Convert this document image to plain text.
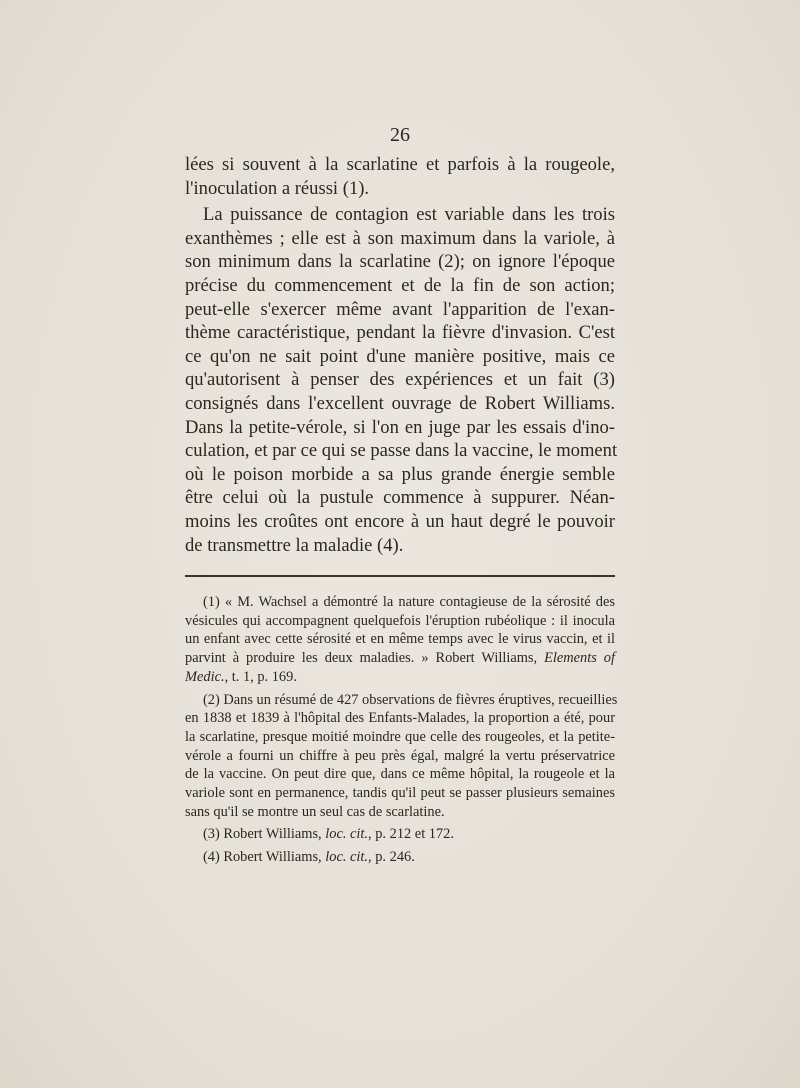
26
lées si souvent à la scarlatine et parfois à la rougeole,
l'inoculation a réussi (1).
La puissance de contagion est variable dans les trois
exanthèmes ; elle est à son maximum dans la variole, à
son minimum dans la scarlatine (2); on ignore l'époque
précise du commencement et de la fin de son action;
peut-elle s'exercer même avant l'apparition de l'exan-
thème caractéristique, pendant la fièvre d'invasion. C'est
ce qu'on ne sait point d'une manière positive, mais ce
qu'autorisent à penser des expériences et un fait (3)
consignés dans l'excellent ouvrage de Robert Williams.
Dans la petite-vérole, si l'on en juge par les essais d'ino-
culation, et par ce qui se passe dans la vaccine, le moment
où le poison morbide a sa plus grande énergie semble
être celui où la pustule commence à suppurer. Néan-
moins les croûtes ont encore à un haut degré le pouvoir
de transmettre la maladie (4).
(1) « M. Wachsel a démontré la nature contagieuse de la sérosité des
vésicules qui accompagnent quelquefois l'éruption rubéolique : il inocula
un enfant avec cette sérosité et en même temps avec le virus vaccin, et il
parvint à produire les deux maladies. » Robert Williams, Elements of
Medic., t. 1, p. 169.
(2) Dans un résumé de 427 observations de fièvres éruptives, recueillies
en 1838 et 1839 à l'hôpital des Enfants-Malades, la proportion a été, pour
la scarlatine, presque moitié moindre que celle des rougeoles, et la petite-
vérole a fourni un chiffre à peu près égal, malgré la vertu préservatrice
de la vaccine. On peut dire que, dans ce même hôpital, la rougeole et la
variole sont en permanence, tandis qu'il peut se passer plusieurs semaines
sans qu'il se montre un seul cas de scarlatine.
(3) Robert Williams, loc. cit., p. 212 et 172.
(4) Robert Williams, loc. cit., p. 246.
